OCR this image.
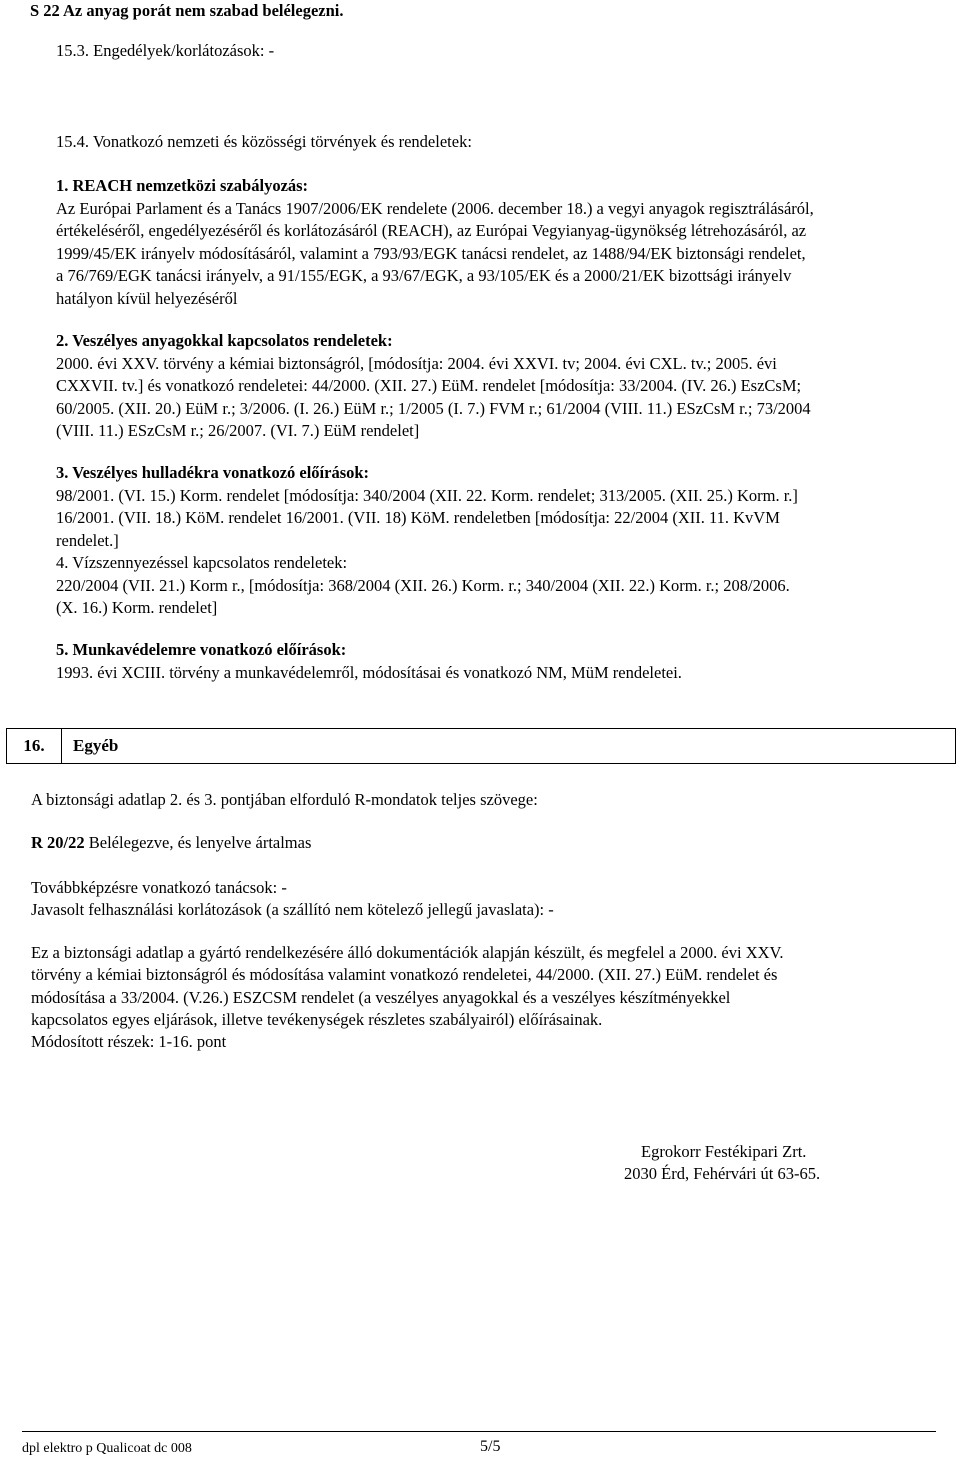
S 22 Az anyag porát nem szabad belélegezni.
15.3. Engedélyek/korlátozások: -
15.4. Vonatkozó nemzeti és közösségi törvények és rendeletek:
1. REACH nemzetközi szabályozás:
Az Európai Parlament és a Tanács 1907/2006/EK rendelete (2006. december 18.) a vegyi anyagok regisztrálásáról,
értékeléséről, engedélyezéséről és korlátozásáról (REACH), az Európai Vegyianyag-ügynökség létrehozásáról, az
1999/45/EK irányelv módosításáról, valamint a 793/93/EGK tanácsi rendelet, az 1488/94/EK biztonsági rendelet,
a 76/769/EGK tanácsi irányelv, a 91/155/EGK, a 93/67/EGK, a 93/105/EK és a 2000/21/EK bizottsági irányelv
hatályon kívül helyezéséről
2. Veszélyes anyagokkal kapcsolatos rendeletek:
2000. évi XXV. törvény a kémiai biztonságról, [módosítja: 2004. évi XXVI. tv; 2004. évi CXL. tv.; 2005. évi
CXXVII. tv.] és vonatkozó rendeletei: 44/2000. (XII. 27.) EüM. rendelet [módosítja: 33/2004. (IV. 26.) EszCsM;
60/2005. (XII. 20.) EüM r.; 3/2006. (I. 26.) EüM r.; 1/2005 (I. 7.) FVM r.; 61/2004 (VIII. 11.) ESzCsM r.; 73/2004
(VIII. 11.) ESzCsM r.; 26/2007. (VI. 7.) EüM rendelet]
3. Veszélyes hulladékra vonatkozó előírások:
98/2001. (VI. 15.) Korm. rendelet [módosítja: 340/2004 (XII. 22. Korm. rendelet; 313/2005. (XII. 25.) Korm. r.]
16/2001. (VII. 18.) KöM. rendelet 16/2001. (VII. 18) KöM. rendeletben [módosítja: 22/2004 (XII. 11. KvVM
rendelet.]
4. Vízszennyezéssel kapcsolatos rendeletek:
220/2004 (VII. 21.) Korm r., [módosítja: 368/2004 (XII. 26.) Korm. r.; 340/2004 (XII. 22.) Korm. r.; 208/2006.
(X. 16.) Korm. rendelet]
5. Munkavédelemre vonatkozó előírások:
1993. évi XCIII. törvény a munkavédelemről, módosításai és vonatkozó NM, MüM rendeletei.
16.	Egyéb
A biztonsági adatlap 2. és 3. pontjában elforduló R-mondatok teljes szövege:
R 20/22 Belélegezve, és lenyelve ártalmas
Továbbképzésre vonatkozó tanácsok: -
Javasolt felhasználási korlátozások (a szállító nem kötelező jellegű javaslata): -
Ez a biztonsági adatlap a gyártó rendelkezésére álló dokumentációk alapján készült, és megfelel a 2000. évi XXV.
törvény a kémiai biztonságról és módosítása valamint vonatkozó rendeletei, 44/2000. (XII. 27.) EüM. rendelet és
módosítása a 33/2004. (V.26.) ESZCSM rendelet (a veszélyes anyagokkal és a veszélyes készítményekkel
kapcsolatos egyes eljárások, illetve tevékenységek részletes szabályairól) előírásainak.
Módosított részek: 1-16. pont
Egrokorr Festékipari Zrt.
2030 Érd, Fehérvári út 63-65.
dpl elektro p Qualicoat dc 008	5/5
